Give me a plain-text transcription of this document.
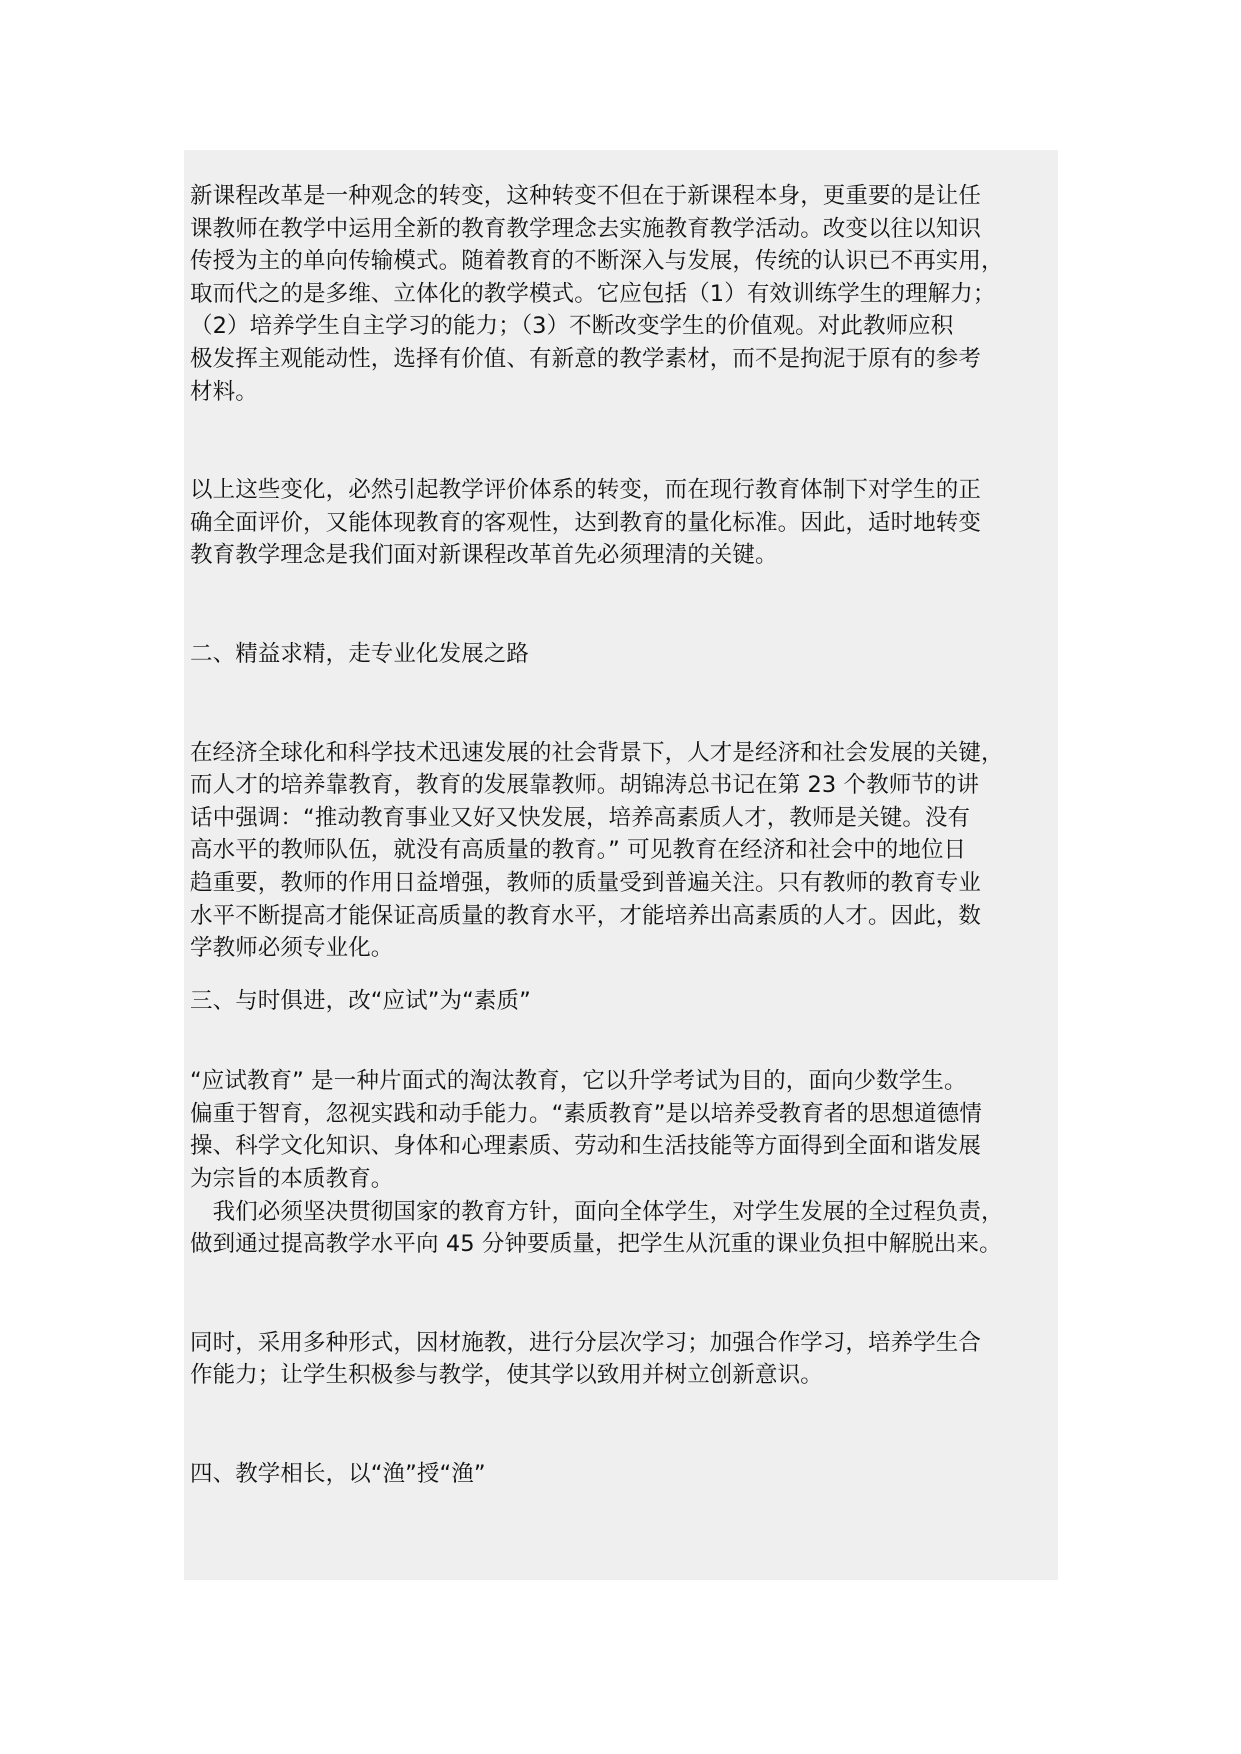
新课程改革是一种观念的转变，这种转变不但在于新课程本身，更重要的是让任
课教师在教学中运用全新的教育教学理念去实施教育教学活动。改变以往以知识
传授为主的单向传输模式。随着教育的不断深入与发展，传统的认识已不再实用，
取而代之的是多维、立体化的教学模式。它应包括（1）有效训练学生的理解力；
（2）培养学生自主学习的能力；（3）不断改变学生的价值观。对此教师应积
极发挥主观能动性，选择有价值、有新意的教学素材，而不是拘泥于原有的参考
材料。

以上这些变化，必然引起教学评价体系的转变，而在现行教育体制下对学生的正
确全面评价，又能体现教育的客观性，达到教育的量化标准。因此，适时地转变
教育教学理念是我们面对新课程改革首先必须理清的关键。

二、精益求精，走专业化发展之路

在经济全球化和科学技术迅速发展的社会背景下，人才是经济和社会发展的关键，
而人才的培养靠教育，教育的发展靠教师。胡锦涛总书记在第 23 个教师节的讲
话中强调：“推动教育事业又好又快发展，培养高素质人才，教师是关键。没有
高水平的教师队伍，就没有高质量的教育。” 可见教育在经济和社会中的地位日
趋重要，教师的作用日益增强，教师的质量受到普遍关注。只有教师的教育专业
水平不断提高才能保证高质量的教育水平，才能培养出高素质的人才。因此，数
学教师必须专业化。

三、与时俱进，改“应试”为“素质”

“应试教育” 是一种片面式的淘汰教育，它以升学考试为目的，面向少数学生。
偏重于智育，忽视实践和动手能力。“素质教育”是以培养受教育者的思想道德情
操、科学文化知识、身体和心理素质、劳动和生活技能等方面得到全面和谐发展
为宗旨的本质教育。
　我们必须坚决贯彻国家的教育方针，面向全体学生，对学生发展的全过程负责，
做到通过提高教学水平向 45 分钟要质量，把学生从沉重的课业负担中解脱出来。

同时，采用多种形式，因材施教，进行分层次学习；加强合作学习，培养学生合
作能力；让学生积极参与教学，使其学以致用并树立创新意识。

四、教学相长，以“渔”授“渔”
